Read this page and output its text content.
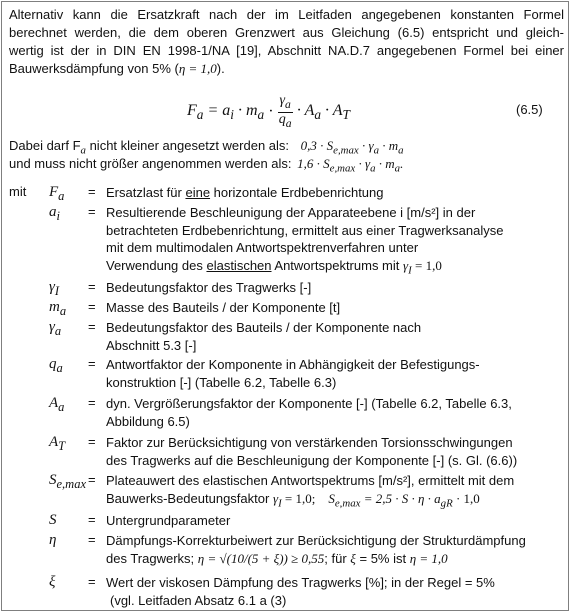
Alternativ kann die Ersatzkraft nach der im Leitfaden angegebenen konstanten Formel
berechnet werden, die dem oberen Grenzwert aus Gleichung (6.5) entspricht und gleich-
wertig ist der in DIN EN 1998-1/NA [19], Abschnitt NA.D.7 angegebenen Formel bei einer
Bauwerksdämpfung von 5% (η = 1,0).
$F_a = a_i \cdot m_a \cdot \frac{\gamma_a}{q_a} \cdot A_a \cdot A_T$	(6.5)
Dabei darf $F_a$ nicht kleiner angesetzt werden als: $0,3 \cdot S_{e,max} \cdot \gamma_a \cdot m_a$
und muss nicht größer angenommen werden als: $1,6 \cdot S_{e,max} \cdot \gamma_a \cdot m_a$.
mit $F_a$ = Ersatzlast für eine horizontale Erdbebenrichtung
$a_i$ = Resultierende Beschleunigung der Apparateebene i [m/s²] in der
betrachteten Erdbebenrichtung, ermittelt aus einer Tragwerksanalyse
mit dem multimodalen Antwortspektrenverfahren unter
Verwendung des elastischen Antwortspektrums mit $\gamma_I = 1,0$
$\gamma_I$ = Bedeutungsfaktor des Tragwerks [-]
$m_a$ = Masse des Bauteils / der Komponente [t]
$\gamma_a$ = Bedeutungsfaktor des Bauteils / der Komponente nach
Abschnitt 5.3 [-]
$q_a$ = Antwortfaktor der Komponente in Abhängigkeit der Befestigungs-
konstruktion [-] (Tabelle 6.2, Tabelle 6.3)
$A_a$ = dyn. Vergrößerungsfaktor der Komponente [-] (Tabelle 6.2, Tabelle 6.3,
Abbildung 6.5)
$A_T$ = Faktor zur Berücksichtigung von verstärkenden Torsionsschwingungen
des Tragwerks auf die Beschleunigung der Komponente [-] (s. Gl. (6.6))
$S_{e,max}$ = Plateauwert des elastischen Antwortspektrums [m/s²], ermittelt mit dem
Bauwerks-Bedeutungsfaktor $\gamma_I = 1,0$;    $S_{e,max} = 2,5 \cdot S \cdot \eta \cdot a_{gR} \cdot 1,0$
S = Untergrundparameter
η = Dämpfungs-Korrekturbeiwert zur Berücksichtigung der Strukturdämpfung
des Tragwerks; η = √(10/(5 + ξ)) ≥ 0,55; für ξ = 5% ist η = 1,0
ξ	= Wert der viskosen Dämpfung des Tragwerks [%]; in der Regel = 5%
(vgl. Leitfaden Absatz 6.1 a (3)
